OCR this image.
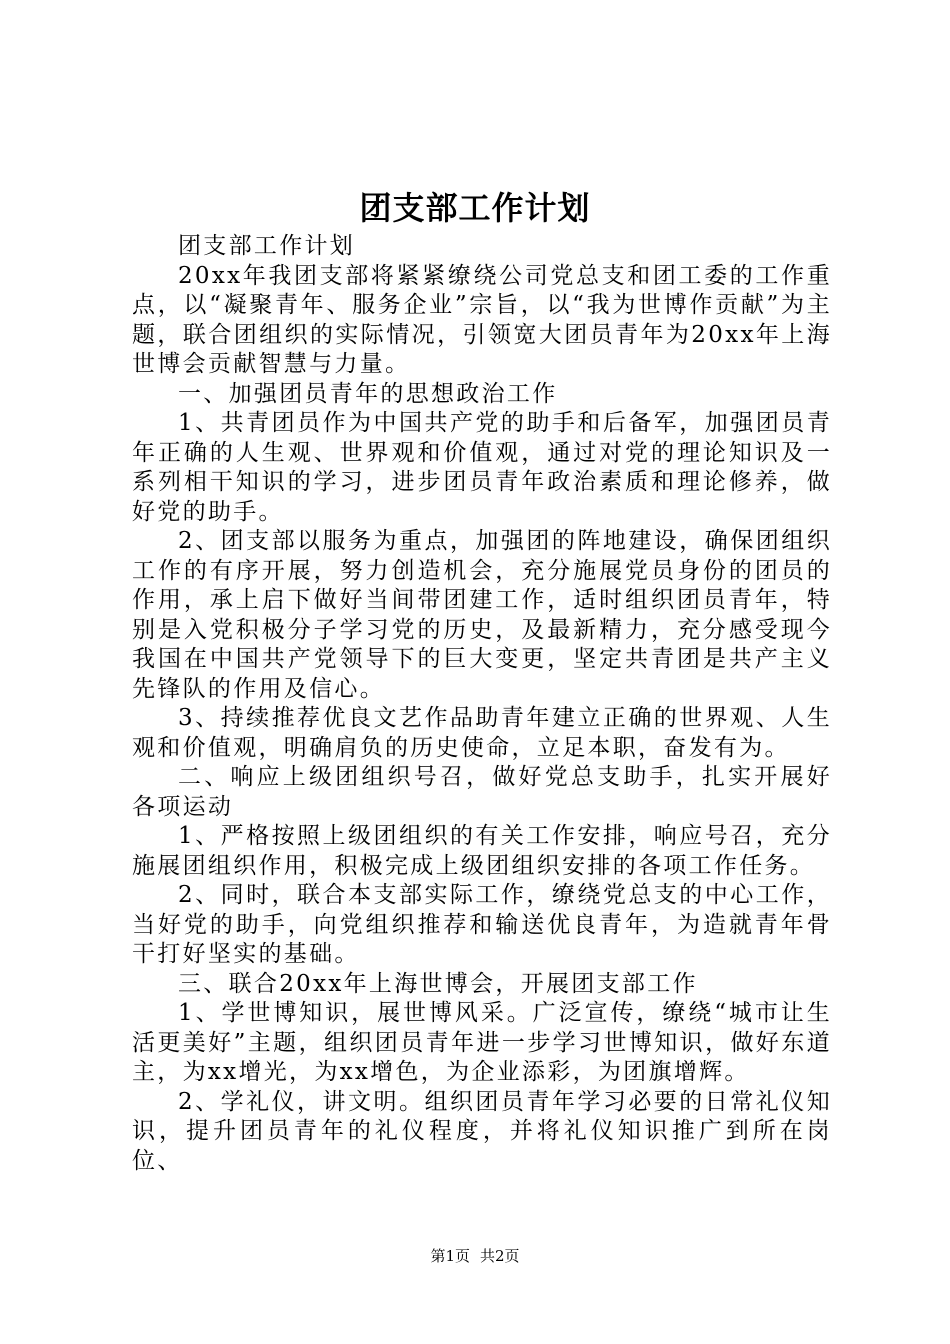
团支部工作计划

团支部工作计划

20xx年我团支部将紧紧缭绕公司党总支和团工委的工作重点，以“凝聚青年、服务企业”宗旨，以“我为世博作贡献”为主题，联合团组织的实际情况，引领宽大团员青年为20xx年上海世博会贡献智慧与力量。

一、加强团员青年的思想政治工作

1、共青团员作为中国共产党的助手和后备军，加强团员青年正确的人生观、世界观和价值观，通过对党的理论知识及一系列相干知识的学习，进步团员青年政治素质和理论修养，做好党的助手。

2、团支部以服务为重点，加强团的阵地建设，确保团组织工作的有序开展，努力创造机会，充分施展党员身份的团员的作用，承上启下做好当间带团建工作，适时组织团员青年，特别是入党积极分子学习党的历史，及最新精力，充分感受现今我国在中国共产党领导下的巨大变更，坚定共青团是共产主义先锋队的作用及信心。

3、持续推荐优良文艺作品助青年建立正确的世界观、人生观和价值观，明确肩负的历史使命，立足本职，奋发有为。

二、响应上级团组织号召，做好党总支助手，扎实开展好各项运动

1、严格按照上级团组织的有关工作安排，响应号召，充分施展团组织作用，积极完成上级团组织安排的各项工作任务。

2、同时，联合本支部实际工作，缭绕党总支的中心工作，当好党的助手，向党组织推荐和输送优良青年，为造就青年骨干打好坚实的基础。

三、联合20xx年上海世博会，开展团支部工作

1、学世博知识，展世博风采。广泛宣传，缭绕“城市让生活更美好”主题，组织团员青年进一步学习世博知识，做好东道主，为xx增光，为xx增色，为企业添彩，为团旗增辉。

2、学礼仪，讲文明。组织团员青年学习必要的日常礼仪知识，提升团员青年的礼仪程度，并将礼仪知识推广到所在岗位、

第1页 共2页
